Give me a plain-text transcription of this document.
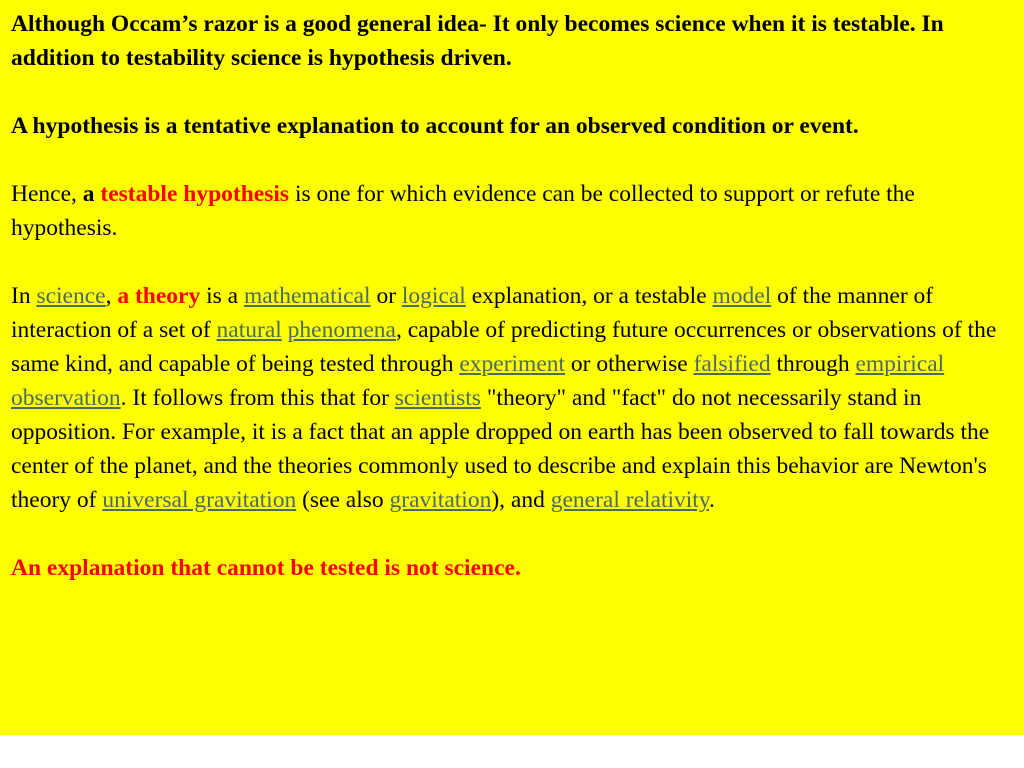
Although Occam’s razor is a good general idea- It only becomes science when it is testable. In addition to testability science is hypothesis driven.

A hypothesis is a tentative explanation to account for an observed condition or event.

Hence, a testable hypothesis is one for which evidence can be collected to support or refute the hypothesis.

In science, a theory is a mathematical or logical explanation, or a testable model of the manner of interaction of a set of natural phenomena, capable of predicting future occurrences or observations of the same kind, and capable of being tested through experiment or otherwise falsified through empirical observation. It follows from this that for scientists "theory" and "fact" do not necessarily stand in opposition. For example, it is a fact that an apple dropped on earth has been observed to fall towards the center of the planet, and the theories commonly used to describe and explain this behavior are Newton's theory of universal gravitation (see also gravitation), and general relativity.

An explanation that cannot be tested is not science.
